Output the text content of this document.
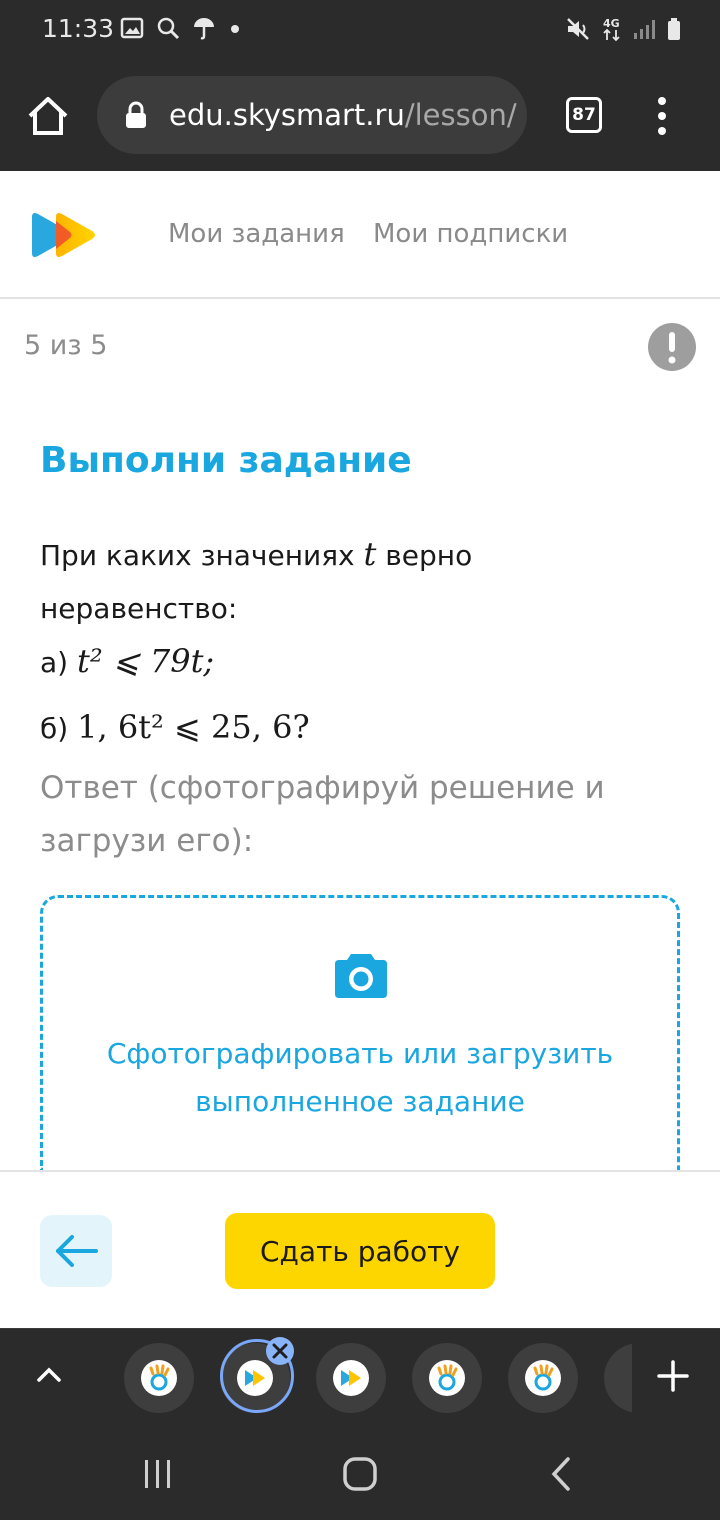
11:33	4G
edu.skysmart.ru/lesson/	87
Мои задания Мои подписки
5 из 5
Выполни задание
При каких значениях t верно неравенство:
а) t² ⩽ 79t;
б) 1, 6t² ⩽ 25, 6?
Ответ (сфотографируй решение и загрузи его):
Сфотографировать или загрузить
выполненное задание
Сдать работу
